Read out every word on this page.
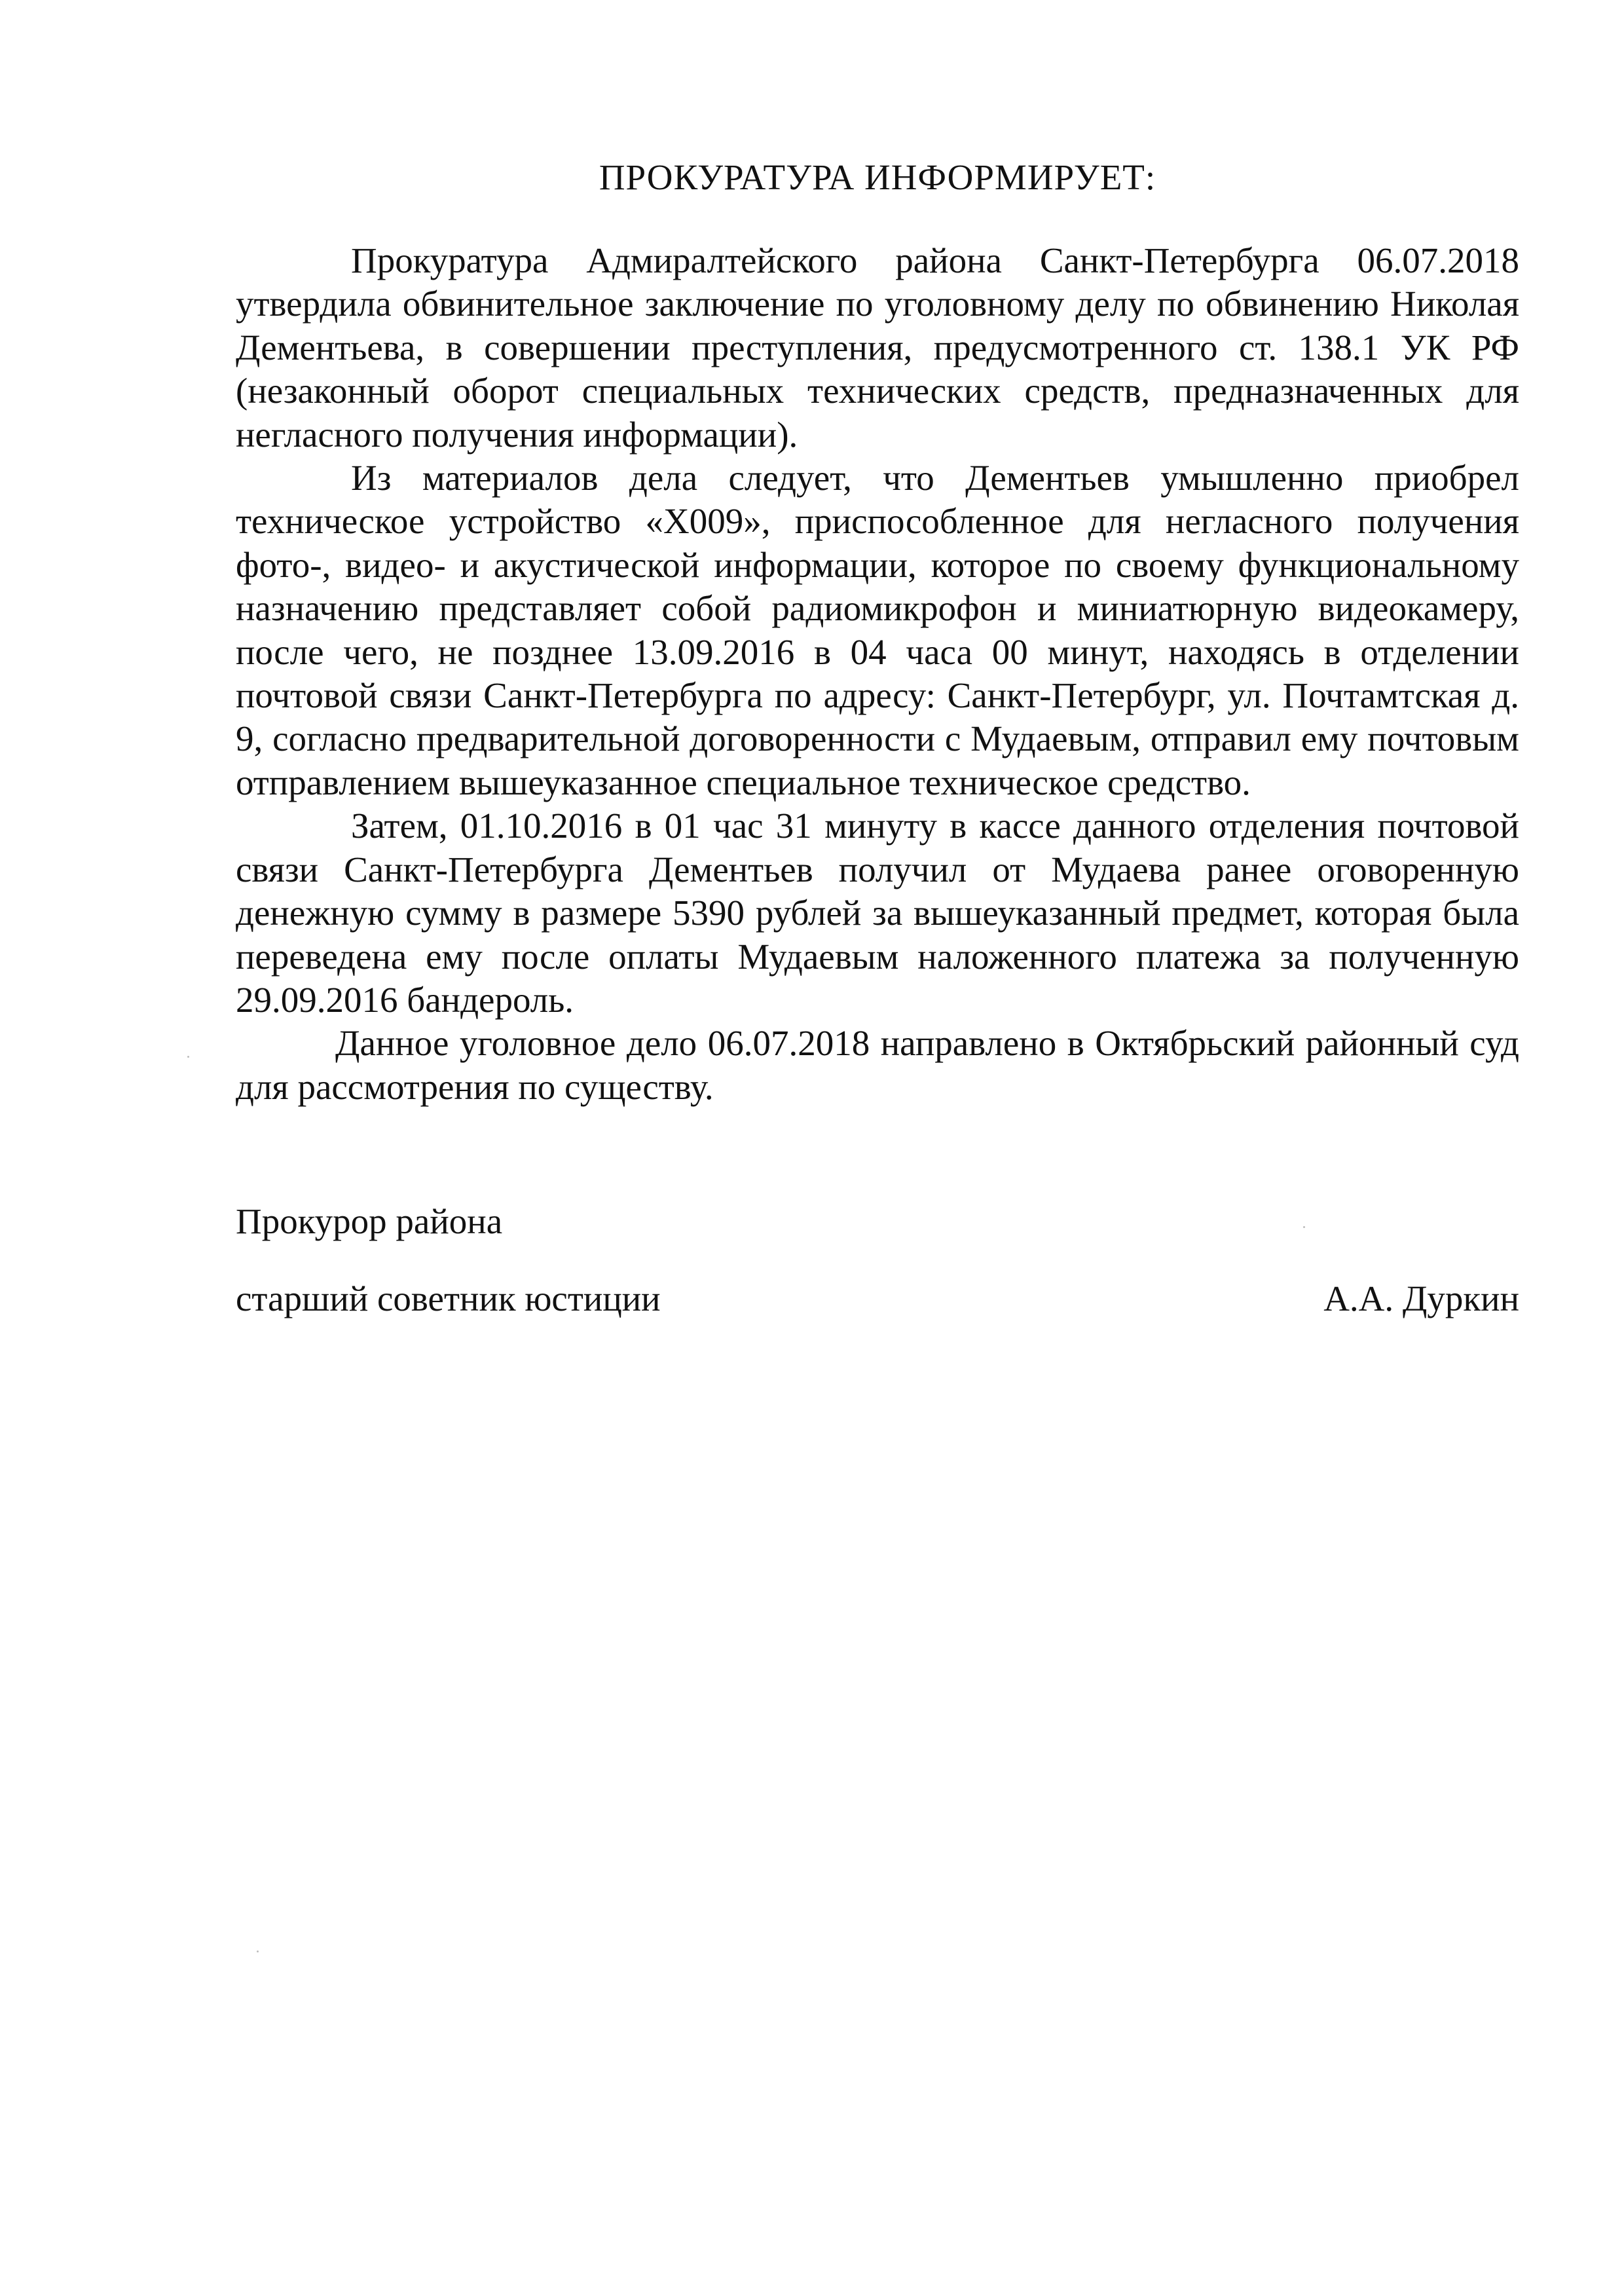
ПРОКУРАТУРА ИНФОРМИРУЕТ:

Прокуратура Адмиралтейского района Санкт-Петербурга 06.07.2018 утвердила обвинительное заключение по уголовному делу по обвинению Николая Дементьева, в совершении преступления, предусмотренного ст. 138.1 УК РФ (незаконный оборот специальных технических средств, предназначенных для негласного получения информации).

Из материалов дела следует, что Дементьев умышленно приобрел техническое устройство «Х009», приспособленное для негласного получения фото-, видео- и акустической информации, которое по своему функциональному назначению представляет собой радиомикрофон и миниатюрную видеокамеру, после чего, не позднее 13.09.2016 в 04 часа 00 минут, находясь в отделении почтовой связи Санкт-Петербурга по адресу: Санкт-Петербург, ул. Почтамтская д. 9, согласно предварительной договоренности с Мудаевым, отправил ему почтовым отправлением вышеуказанное специальное техническое средство.

Затем, 01.10.2016 в 01 час 31 минуту в кассе данного отделения почтовой связи Санкт-Петербурга Дементьев получил от Мудаева ранее оговоренную денежную сумму в размере 5390 рублей за вышеуказанный предмет, которая была переведена ему после оплаты Мудаевым наложенного платежа за полученную 29.09.2016 бандероль.

Данное уголовное дело 06.07.2018 направлено в Октябрьский районный суд для рассмотрения по существу.

Прокурор района
старший советник юстиции	А.А. Дуркин
